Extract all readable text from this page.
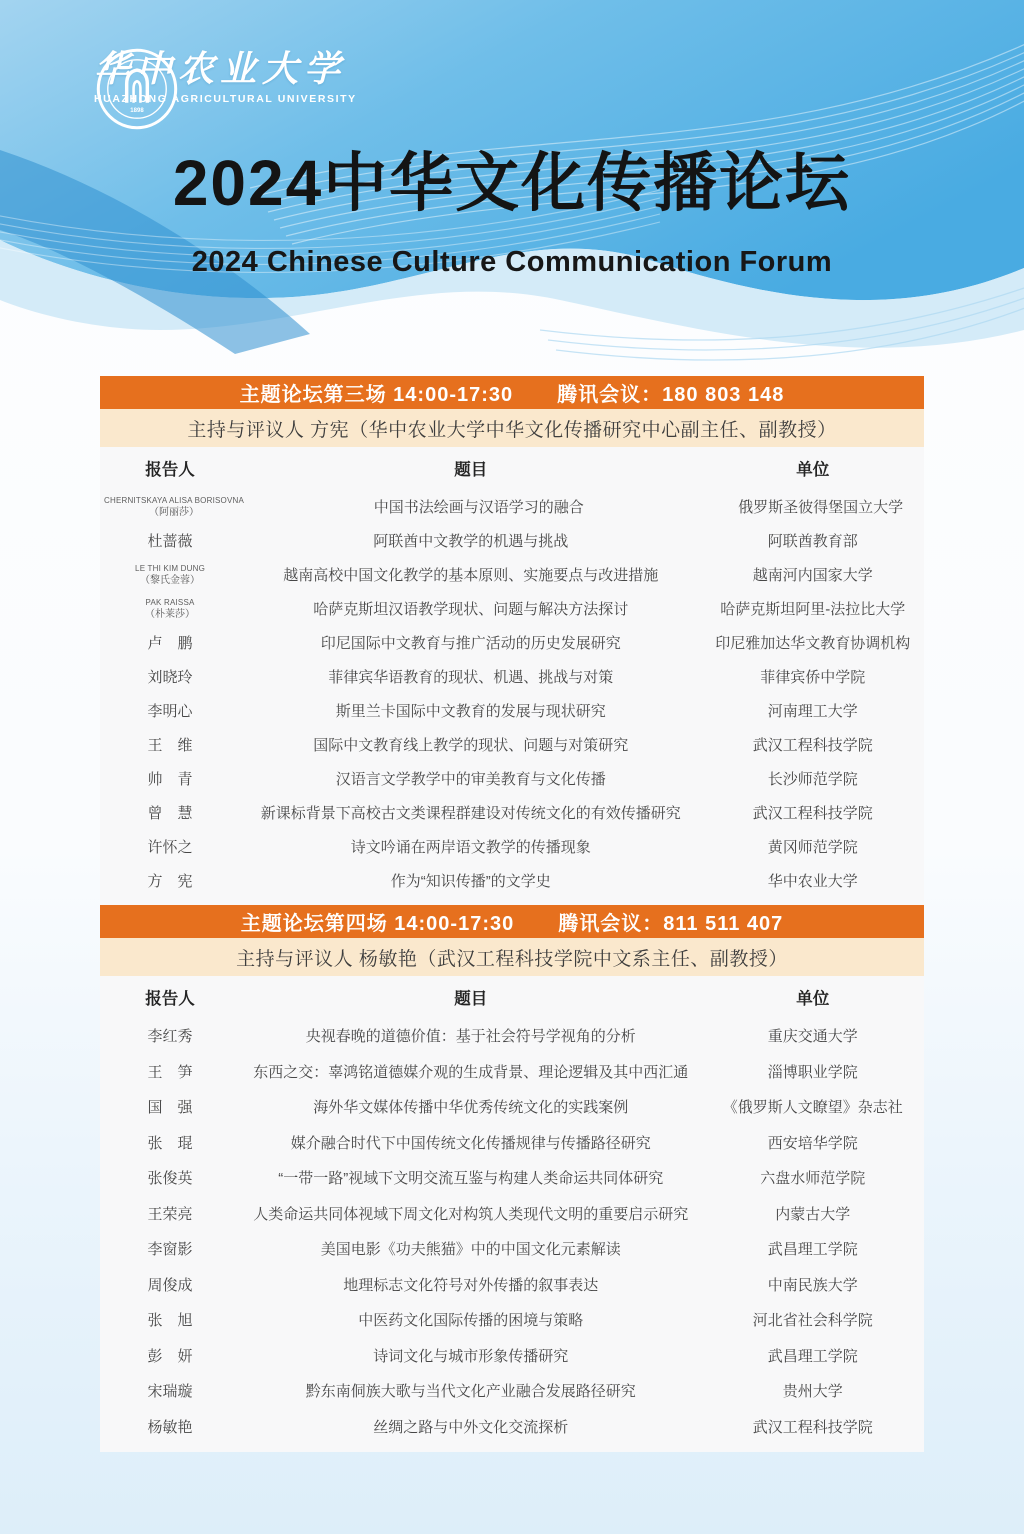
1898
华中农业大学
HUAZHONG AGRICULTURAL UNIVERSITY
2024中华文化传播论坛
2024 Chinese Culture Communication Forum
主题论坛第三场 14:00-17:30 腾讯会议：180 803 148
主持与评议人 方宪（华中农业大学中华文化传播研究中心副主任、副教授）
报告人	题目	单位
CHERNITSKAYA ALISA BORISOVNA
（阿丽莎）	中国书法绘画与汉语学习的融合	俄罗斯圣彼得堡国立大学
杜蔷薇	阿联酋中文教学的机遇与挑战	阿联酋教育部
LE THI KIM DUNG
（黎氏金蓉）	越南高校中国文化教学的基本原则、实施要点与改进措施	越南河内国家大学
PAK RAISSA
（朴莱莎）	哈萨克斯坦汉语教学现状、问题与解决方法探讨	哈萨克斯坦阿里-法拉比大学
卢　鹏	印尼国际中文教育与推广活动的历史发展研究	印尼雅加达华文教育协调机构
刘晓玲	菲律宾华语教育的现状、机遇、挑战与对策	菲律宾侨中学院
李明心	斯里兰卡国际中文教育的发展与现状研究	河南理工大学
王　维	国际中文教育线上教学的现状、问题与对策研究	武汉工程科技学院
帅　青	汉语言文学教学中的审美教育与文化传播	长沙师范学院
曾　慧	新课标背景下高校古文类课程群建设对传统文化的有效传播研究	武汉工程科技学院
许怀之	诗文吟诵在两岸语文教学的传播现象	黄冈师范学院
方　宪	作为“知识传播”的文学史	华中农业大学
主题论坛第四场 14:00-17:30 腾讯会议：811 511 407
主持与评议人 杨敏艳（武汉工程科技学院中文系主任、副教授）
报告人	题目	单位
李红秀	央视春晚的道德价值：基于社会符号学视角的分析	重庆交通大学
王　笋	东西之交：辜鸿铭道德媒介观的生成背景、理论逻辑及其中西汇通	淄博职业学院
国　强	海外华文媒体传播中华优秀传统文化的实践案例	《俄罗斯人文瞭望》杂志社
张　琨	媒介融合时代下中国传统文化传播规律与传播路径研究	西安培华学院
张俊英	“一带一路”视域下文明交流互鉴与构建人类命运共同体研究	六盘水师范学院
王荣亮	人类命运共同体视域下周文化对构筑人类现代文明的重要启示研究	内蒙古大学
李窗影	美国电影《功夫熊猫》中的中国文化元素解读	武昌理工学院
周俊成	地理标志文化符号对外传播的叙事表达	中南民族大学
张　旭	中医药文化国际传播的困境与策略	河北省社会科学院
彭　妍	诗词文化与城市形象传播研究	武昌理工学院
宋瑞璇	黔东南侗族大歌与当代文化产业融合发展路径研究	贵州大学
杨敏艳	丝绸之路与中外文化交流探析	武汉工程科技学院
